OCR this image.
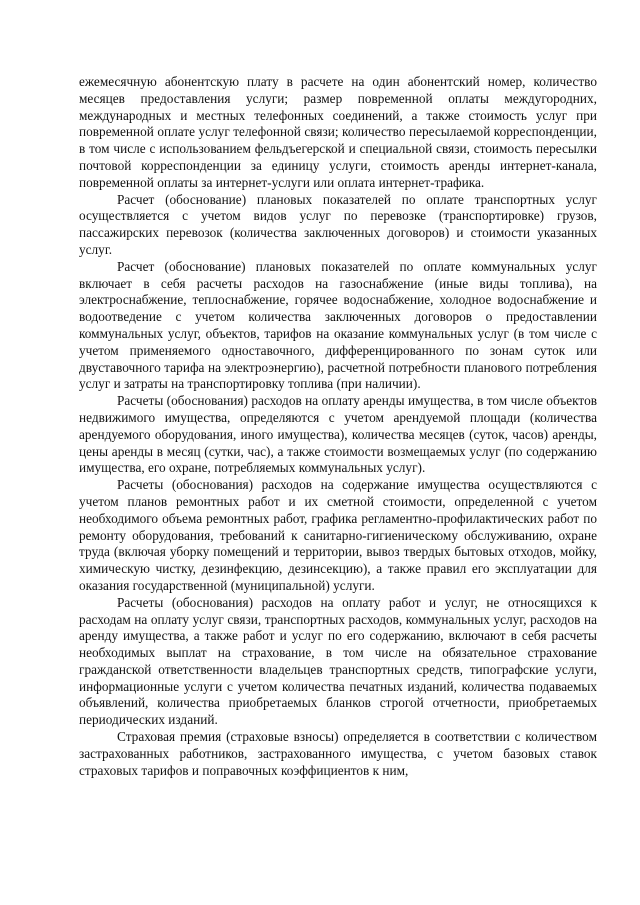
ежемесячную абонентскую плату в расчете на один абонентский номер, количество месяцев предоставления услуги; размер повременной оплаты междугородних, международных и местных телефонных соединений, а также стоимость услуг при повременной оплате услуг телефонной связи; количество пересылаемой корреспонденции, в том числе с использованием фельдъегерской и специальной связи, стоимость пересылки почтовой корреспонденции за единицу услуги, стоимость аренды интернет-канала, повременной оплаты за интернет-услуги или оплата интернет-трафика.

Расчет (обоснование) плановых показателей по оплате транспортных услуг осуществляется с учетом видов услуг по перевозке (транспортировке) грузов, пассажирских перевозок (количества заключенных договоров) и стоимости указанных услуг.

Расчет (обоснование) плановых показателей по оплате коммунальных услуг включает в себя расчеты расходов на газоснабжение (иные виды топлива), на электроснабжение, теплоснабжение, горячее водоснабжение, холодное водоснабжение и водоотведение с учетом количества заключенных договоров о предоставлении коммунальных услуг, объектов, тарифов на оказание коммунальных услуг (в том числе с учетом применяемого одноставочного, дифференцированного по зонам суток или двуставочного тарифа на электроэнергию), расчетной потребности планового потребления услуг и затраты на транспортировку топлива (при наличии).

Расчеты (обоснования) расходов на оплату аренды имущества, в том числе объектов недвижимого имущества, определяются с учетом арендуемой площади (количества арендуемого оборудования, иного имущества), количества месяцев (суток, часов) аренды, цены аренды в месяц (сутки, час), а также стоимости возмещаемых услуг (по содержанию имущества, его охране, потребляемых коммунальных услуг).

Расчеты (обоснования) расходов на содержание имущества осуществляются с учетом планов ремонтных работ и их сметной стоимости, определенной с учетом необходимого объема ремонтных работ, графика регламентно-профилактических работ по ремонту оборудования, требований к санитарно-гигиеническому обслуживанию, охране труда (включая уборку помещений и территории, вывоз твердых бытовых отходов, мойку, химическую чистку, дезинфекцию, дезинсекцию), а также правил его эксплуатации для оказания государственной (муниципальной) услуги.

Расчеты (обоснования) расходов на оплату работ и услуг, не относящихся к расходам на оплату услуг связи, транспортных расходов, коммунальных услуг, расходов на аренду имущества, а также работ и услуг по его содержанию, включают в себя расчеты необходимых выплат на страхование, в том числе на обязательное страхование гражданской ответственности владельцев транспортных средств, типографские услуги, информационные услуги с учетом количества печатных изданий, количества подаваемых объявлений, количества приобретаемых бланков строгой отчетности, приобретаемых периодических изданий.

Страховая премия (страховые взносы) определяется в соответствии с количеством застрахованных работников, застрахованного имущества, с учетом базовых ставок страховых тарифов и поправочных коэффициентов к ним,
